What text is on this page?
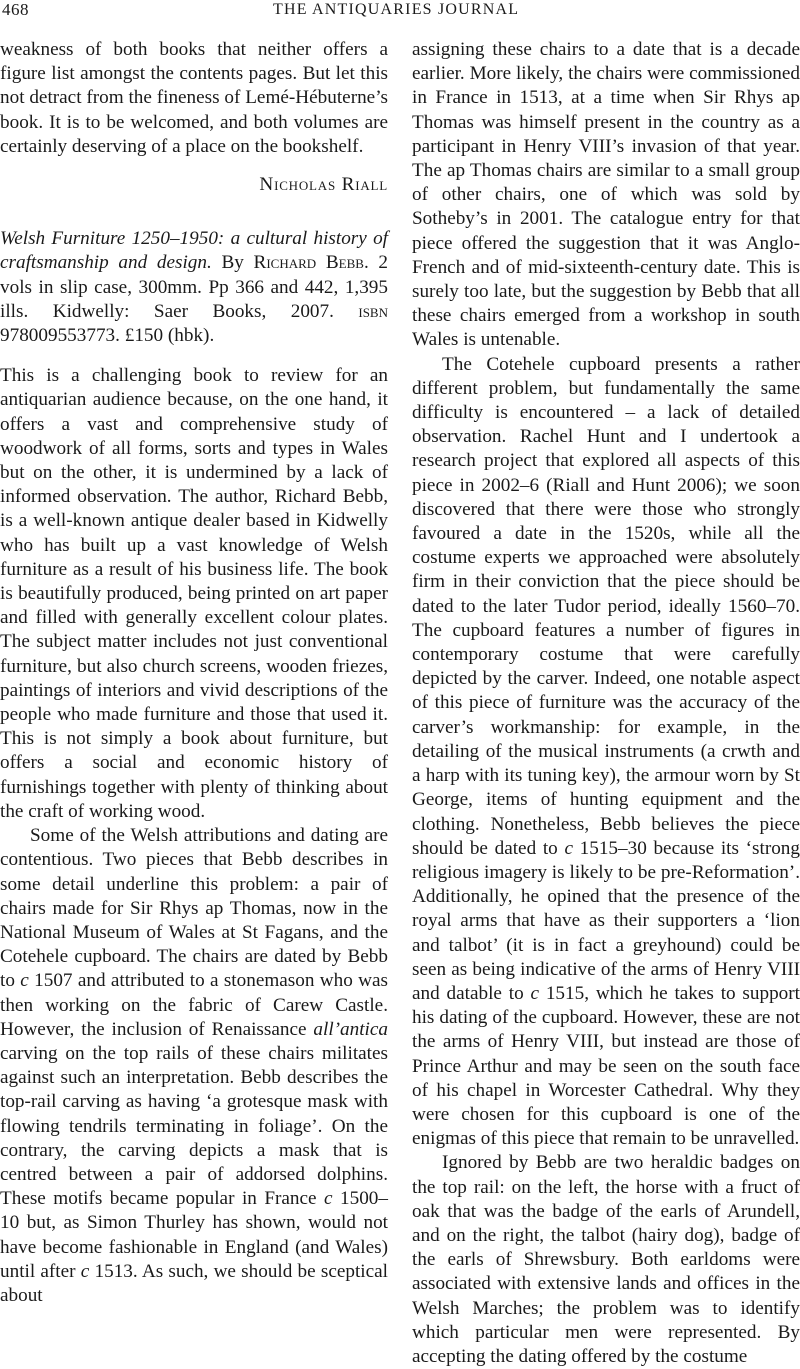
468	THE ANTIQUARIES JOURNAL

weakness of both books that neither offers a figure list amongst the contents pages. But let this not detract from the fineness of Lemé-Hébuterne’s book. It is to be welcomed, and both volumes are certainly deserving of a place on the bookshelf.

Nicholas Riall

Welsh Furniture 1250–1950: a cultural history of craftsmanship and design. By Richard Bebb. 2 vols in slip case, 300mm. Pp 366 and 442, 1,395 ills. Kidwelly: Saer Books, 2007. isbn 978009553773. £150 (hbk).

This is a challenging book to review for an antiquarian audience because, on the one hand, it offers a vast and comprehensive study of woodwork of all forms, sorts and types in Wales but on the other, it is undermined by a lack of informed observation. The author, Richard Bebb, is a well-known antique dealer based in Kidwelly who has built up a vast knowledge of Welsh furniture as a result of his business life. The book is beautifully produced, being printed on art paper and filled with generally excellent colour plates. The subject matter includes not just conventional furniture, but also church screens, wooden friezes, paintings of interiors and vivid descriptions of the people who made furniture and those that used it. This is not simply a book about furniture, but offers a social and economic history of furnishings together with plenty of thinking about the craft of working wood.

Some of the Welsh attributions and dating are contentious. Two pieces that Bebb describes in some detail underline this problem: a pair of chairs made for Sir Rhys ap Thomas, now in the National Museum of Wales at St Fagans, and the Cotehele cupboard. The chairs are dated by Bebb to c 1507 and attributed to a stonemason who was then working on the fabric of Carew Castle. However, the inclusion of Renaissance all’antica carving on the top rails of these chairs militates against such an interpretation. Bebb describes the top-rail carving as having ‘a grotesque mask with flowing tendrils terminating in foliage’. On the contrary, the carving depicts a mask that is centred between a pair of addorsed dolphins. These motifs became popular in France c 1500–10 but, as Simon Thurley has shown, would not have become fashionable in England (and Wales) until after c 1513. As such, we should be sceptical about

assigning these chairs to a date that is a decade earlier. More likely, the chairs were commissioned in France in 1513, at a time when Sir Rhys ap Thomas was himself present in the country as a participant in Henry VIII’s invasion of that year. The ap Thomas chairs are similar to a small group of other chairs, one of which was sold by Sotheby’s in 2001. The catalogue entry for that piece offered the suggestion that it was Anglo-French and of mid-sixteenth-century date. This is surely too late, but the suggestion by Bebb that all these chairs emerged from a workshop in south Wales is untenable.

The Cotehele cupboard presents a rather different problem, but fundamentally the same difficulty is encountered – a lack of detailed observation. Rachel Hunt and I undertook a research project that explored all aspects of this piece in 2002–6 (Riall and Hunt 2006); we soon discovered that there were those who strongly favoured a date in the 1520s, while all the costume experts we approached were absolutely firm in their conviction that the piece should be dated to the later Tudor period, ideally 1560–70. The cupboard features a number of figures in contemporary costume that were carefully depicted by the carver. Indeed, one notable aspect of this piece of furniture was the accuracy of the carver’s workmanship: for example, in the detailing of the musical instruments (a crwth and a harp with its tuning key), the armour worn by St George, items of hunting equipment and the clothing. Nonetheless, Bebb believes the piece should be dated to c 1515–30 because its ‘strong religious imagery is likely to be pre-Reformation’. Additionally, he opined that the presence of the royal arms that have as their supporters a ‘lion and talbot’ (it is in fact a greyhound) could be seen as being indicative of the arms of Henry VIII and datable to c 1515, which he takes to support his dating of the cupboard. However, these are not the arms of Henry VIII, but instead are those of Prince Arthur and may be seen on the south face of his chapel in Worcester Cathedral. Why they were chosen for this cupboard is one of the enigmas of this piece that remain to be unravelled.

Ignored by Bebb are two heraldic badges on the top rail: on the left, the horse with a fruct of oak that was the badge of the earls of Arundell, and on the right, the talbot (hairy dog), badge of the earls of Shrewsbury. Both earldoms were associated with extensive lands and offices in the Welsh Marches; the problem was to identify which particular men were represented. By accepting the dating offered by the costume
